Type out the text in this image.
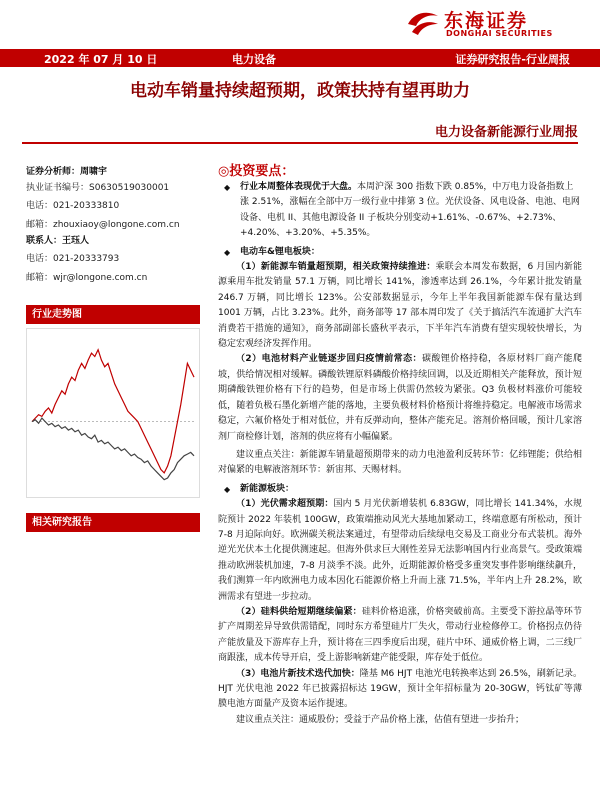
东海证券
DONGHAI SECURITIES
2022 年 07 月 10 日	电力设备	证券研究报告-行业周报
电动车销量持续超预期，政策扶持有望再助力
电力设备新能源行业周报
证券分析师：周啸宇
执业证书编号：S0630519030001
电话：021-20333810
邮箱：zhouxiaoy@longone.com.cn
联系人：王珏人
电话：021-20333793
邮箱：wjr@longone.com.cn
行业走势图
相关研究报告
◎投资要点：

◆ 行业本周整体表现优于大盘。本周沪深 300 指数下跌 0.85%，中万电力设备指数上涨 2.51%，涨幅在全部中万一级行业中排第 3 位。光伏设备、风电设备、电池、电网设备、电机 II、其他电源设备 II 子板块分别变动+1.61%、-0.67%、+2.73%、+4.20%、+3.20%、+5.35%。

◆ 电动车&锂电板块：

（1）新能源车销量超预期，相关政策持续推进：乘联会本周发布数据，6 月国内新能源乘用车批发销量 57.1 万辆，同比增长 141%，渗透率达到 26.1%，今年累计批发销量 246.7 万辆，同比增长 123%。公安部数据显示，今年上半年我国新能源车保有量达到 1001 万辆，占比 3.23%。此外，商务部等 17 部本周印发了《关于搞活汽车流通扩大汽车消费若干措施的通知》，商务部副部长盛秋平表示，下半年汽车消费有望实现较快增长，为稳定宏观经济发挥作用。

（2）电池材料产业链逐步回归疫情前常态：碳酸锂价格持稳，各原材料厂商产能爬坡，供给情况相对缓解。磷酸铁锂原料磷酸价格持续回调，以及近期相关产能释放，预计短期磷酸铁锂价格有下行的趋势，但是市场上供需仍然较为紧张。Q3 负极材料涨价可能较低，随着负极石墨化新增产能的落地，主要负极材料价格预计将维持稳定。电解液市场需求稳定，六氟价格处于相对低位，并有反弹动向，整体产能充足。溶剂价格回暖，预计几家溶剂厂商检修计划，溶剂的供应将有小幅偏紧。

建议重点关注：新能源车销量超预期带来的动力电池盈利反转环节：亿纬锂能；供给相对偏紧的电解液溶剂环节：新宙邦、天赐材料。

◆ 新能源板块：

（1）光伏需求超预期：国内 5 月光伏新增装机 6.83GW，同比增长 141.34%，水规院预计 2022 年装机 100GW，政策端推动风光大基地加紧动工，终端意愿有所松动，预计 7-8 月迫际向好。欧洲碳关税法案通过，有望带动后续绿电交易及工商业分布式装机。海外逆光光伏本土化提供测速起。但海外供求巨大刚性差异无法影响国内行业高景气。受政策端推动欧洲装机加速，7-8 月淡季不淡。此外，近期能源价格受多重突发事件影响继续飙升，我们测算一年内欧洲电力成本因化石能源价格上升而上涨 71.5%，半年内上升 28.2%，欧洲需求有望进一步拉动。

（2）硅料供给短期继续偏紧：硅料价格追涨，价格突破前高。主要受下游拉晶等环节扩产周期差异导致供需错配，同时东方希望硅片厂失火，带动行业检修停工。价格拐点仍待产能放量及下游库存上升，预计将在三四季度后出现，硅片中环、通威价格上调，二三线厂商跟涨，成本传导开启，受上游影响新建产能受限，库存处于低位。

（3）电池片新技术迭代加快：隆基 M6 HJT 电池光电转换率达到 26.5%，刷新记录。HJT 光伏电池 2022 年已披露招标达 19GW，预计全年招标量为 20-30GW，钙钛矿等薄膜电池方面量产及资本运作提速。

建议重点关注：通威股份；受益于产品价格上涨，估值有望进一步抬升；
